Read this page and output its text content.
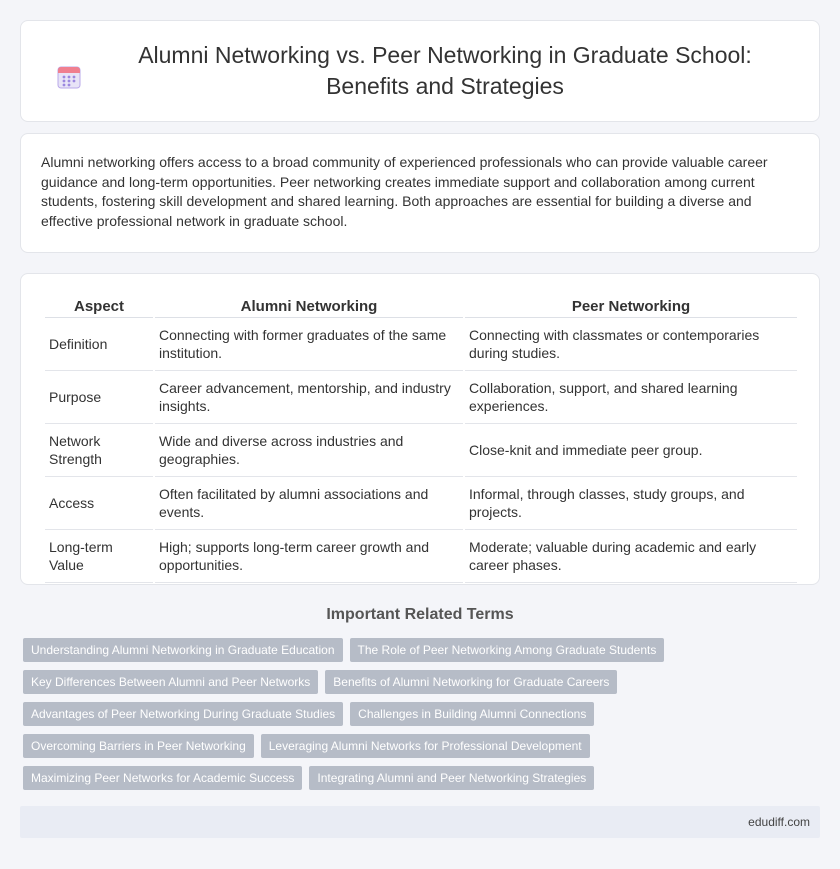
Alumni Networking vs. Peer Networking in Graduate School: Benefits and Strategies

Alumni networking offers access to a broad community of experienced professionals who can provide valuable career guidance and long-term opportunities. Peer networking creates immediate support and collaboration among current students, fostering skill development and shared learning. Both approaches are essential for building a diverse and effective professional network in graduate school.

Aspect	Alumni Networking	Peer Networking
Definition	Connecting with former graduates of the same institution.	Connecting with classmates or contemporaries during studies.
Purpose	Career advancement, mentorship, and industry insights.	Collaboration, support, and shared learning experiences.
Network Strength	Wide and diverse across industries and geographies.	Close-knit and immediate peer group.
Access	Often facilitated by alumni associations and events.	Informal, through classes, study groups, and projects.
Long-term Value	High; supports long-term career growth and opportunities.	Moderate; valuable during academic and early career phases.
Important Related Terms
Understanding Alumni Networking in Graduate Education	The Role of Peer Networking Among Graduate Students
Key Differences Between Alumni and Peer Networks	Benefits of Alumni Networking for Graduate Careers
Advantages of Peer Networking During Graduate Studies	Challenges in Building Alumni Connections
Overcoming Barriers in Peer Networking	Leveraging Alumni Networks for Professional Development
Maximizing Peer Networks for Academic Success	Integrating Alumni and Peer Networking Strategies
edudiff.com
